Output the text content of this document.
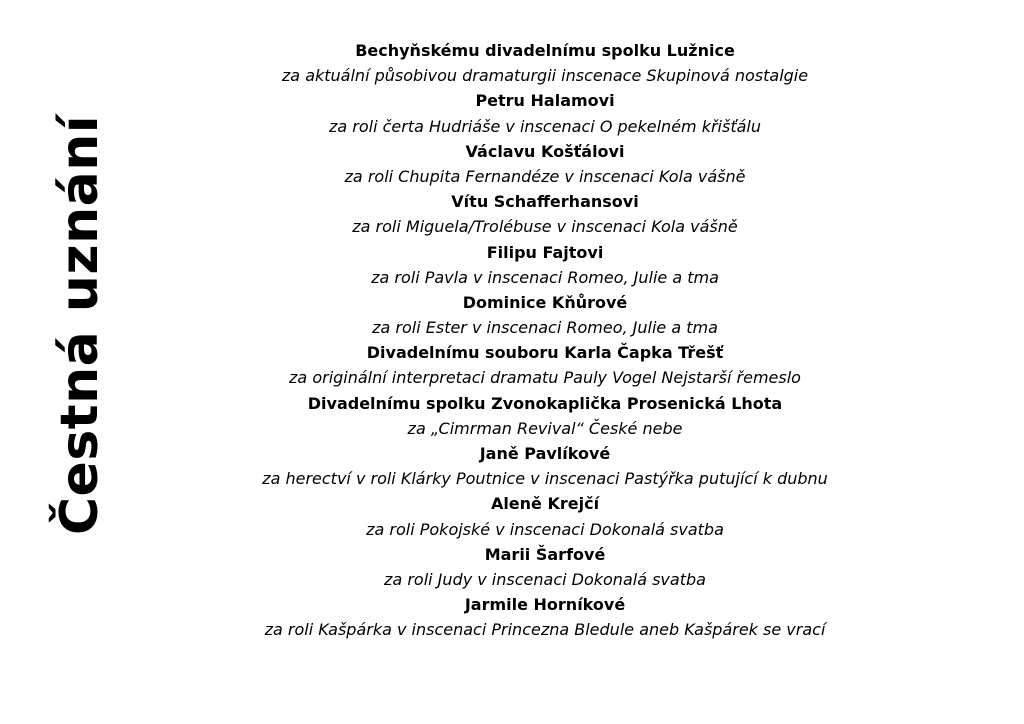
Čestná uznání
Bechyňskému divadelnímu spolku Lužnice
za aktuální působivou dramaturgii inscenace Skupinová nostalgie
Petru Halamovi
za roli čerta Hudriáše v inscenaci O pekelném křišťálu
Václavu Košťálovi
za roli Chupita Fernandéze v inscenaci Kola vášně
Vítu Schafferhansovi
za roli Miguela/Trolébuse v inscenaci Kola vášně
Filipu Fajtovi
za roli Pavla v inscenaci Romeo, Julie a tma
Dominice Kňůrové
za roli Ester v inscenaci Romeo, Julie a tma
Divadelnímu souboru Karla Čapka Třešť
za originální interpretaci dramatu Pauly Vogel Nejstarší řemeslo
Divadelnímu spolku Zvonokaplička Prosenická Lhota
za „Cimrman Revival“ České nebe
Janě Pavlíkové
za herectví v roli Klárky Poutnice v inscenaci Pastýřka putující k dubnu
Aleně Krejčí
za roli Pokojské v inscenaci Dokonalá svatba
Marii Šarfové
za roli Judy v inscenaci Dokonalá svatba
Jarmile Horníkové
za roli Kašpárka v inscenaci Princezna Bledule aneb Kašpárek se vrací
